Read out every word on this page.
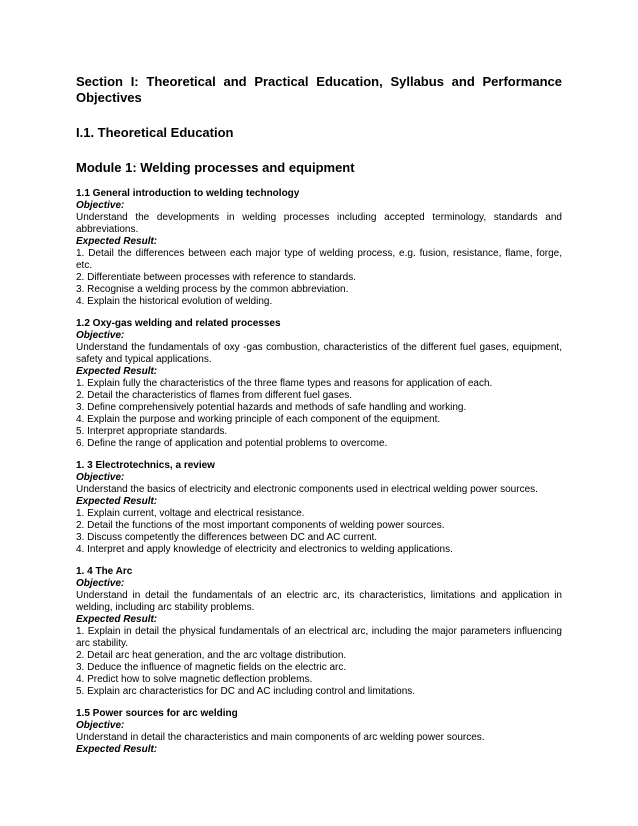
Section I: Theoretical and Practical Education, Syllabus and Performance Objectives
I.1. Theoretical Education
Module 1: Welding processes and equipment
1.1 General introduction to welding technology
Objective:
Understand the developments in welding processes including accepted terminology, standards and abbreviations.
Expected Result:
1. Detail the differences between each major type of welding process, e.g. fusion, resistance, flame, forge, etc.
2. Differentiate between processes with reference to standards.
3. Recognise a welding process by the common abbreviation.
4. Explain the historical evolution of welding.
1.2 Oxy-gas welding and related processes
Objective:
Understand the fundamentals of oxy -gas combustion, characteristics of the different fuel gases, equipment, safety and typical applications.
Expected Result:
1. Explain fully the characteristics of the three flame types and reasons for application of each.
2. Detail the characteristics of flames from different fuel gases.
3. Define comprehensively potential hazards and methods of safe handling and working.
4. Explain the purpose and working principle of each component of the equipment.
5. Interpret appropriate standards.
6. Define the range of application and potential problems to overcome.
1. 3 Electrotechnics, a review
Objective:
Understand the basics of electricity and electronic components used in electrical welding power sources.
Expected Result:
1. Explain current, voltage and electrical resistance.
2. Detail the functions of the most important components of welding power sources.
3. Discuss competently the differences between DC and AC current.
4. Interpret and apply knowledge of electricity and electronics to welding applications.
1. 4 The Arc
Objective:
Understand in detail the fundamentals of an electric arc, its characteristics, limitations and application in welding, including arc stability problems.
Expected Result:
1. Explain in detail the physical fundamentals of an electrical arc, including the major parameters influencing arc stability.
2. Detail arc heat generation, and the arc voltage distribution.
3. Deduce the influence of magnetic fields on the electric arc.
4. Predict how to solve magnetic deflection problems.
5. Explain arc characteristics for DC and AC including control and limitations.
1.5 Power sources for arc welding
Objective:
Understand in detail the characteristics and main components of arc welding power sources.
Expected Result:
